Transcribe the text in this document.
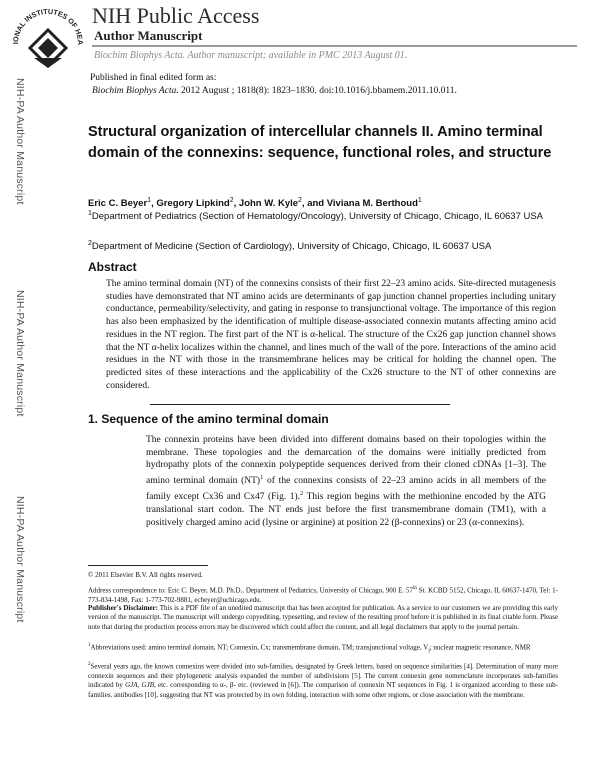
IONAL INSTITUTES OF HEA
NIH Public Access
Author Manuscript
Biochim Biophys Acta. Author manuscript; available in PMC 2013 August 01.
Published in final edited form as:
Biochim Biophys Acta. 2012 August ; 1818(8): 1823–1830. doi:10.1016/j.bbamem.2011.10.011.
NIH-PA Author Manuscript
NIH-PA Author Manuscript
NIH-PA Author Manuscript
Structural organization of intercellular channels II. Amino terminal domain of the connexins: sequence, functional roles, and structure
Eric C. Beyer$^1$, Gregory Lipkind$^2$, John W. Kyle$^2$, and Viviana M. Berthoud$^1$
$^1$Department of Pediatrics (Section of Hematology/Oncology), University of Chicago, Chicago, IL 60637 USA
$^2$Department of Medicine (Section of Cardiology), University of Chicago, Chicago, IL 60637 USA
Abstract
The amino terminal domain (NT) of the connexins consists of their first 22–23 amino acids. Site-directed mutagenesis studies have demonstrated that NT amino acids are determinants of gap junction channel properties including unitary conductance, permeability/selectivity, and gating in response to transjunctional voltage. The importance of this region has also been emphasized by the identification of multiple disease-associated connexin mutants affecting amino acid residues in the NT region. The first part of the NT is α-helical. The structure of the Cx26 gap junction channel shows that the NT α-helix localizes within the channel, and lines much of the wall of the pore. Interactions of the amino acid residues in the NT with those in the transmembrane helices may be critical for holding the channel open. The predicted sites of these interactions and the applicability of the Cx26 structure to the NT of other connexins are considered.
1. Sequence of the amino terminal domain
The connexin proteins have been divided into different domains based on their topologies within the membrane. These topologies and the demarcation of the domains were initially predicted from hydropathy plots of the connexin polypeptide sequences derived from their cloned cDNAs [1–3]. The amino terminal domain (NT)$^1$ of the connexins consists of 22–23 amino acids in all members of the family except Cx36 and Cx47 (Fig. 1).$^2$ This region begins with the methionine encoded by the ATG translational start codon. The NT ends just before the first transmembrane domain (TM1), with a positively charged amino acid (lysine or arginine) at position 22 (β-connexins) or 23 (α-connexins).
© 2011 Elsevier B.V. All rights reserved.
Address correspondence to: Eric C. Beyer, M.D. Ph.D., Department of Pediatrics, University of Chicago, 900 E. 57th St. KCBD 5152, Chicago, IL 60637-1470, Tel: 1-773-834-1498, Fax: 1-773-702-9881, ecbeyer@uchicago.edu.
Publisher's Disclaimer: This is a PDF file of an unedited manuscript that has been accepted for publication. As a service to our customers we are providing this early version of the manuscript. The manuscript will undergo copyediting, typesetting, and review of the resulting proof before it is published in its final citable form. Please note that during the production process errors may be discovered which could affect the content, and all legal disclaimers that apply to the journal pertain.
$^1$Abbreviations used: amino terminal domain, NT; Connexin, Cx; transmembrane domain, TM; transjunctional voltage, $V_j$; nuclear magnetic resonance, NMR
$^2$Several years ago, the known connexins were divided into sub-families, designated by Greek letters, based on sequence similarities [4]. Determination of many more connexin sequences and their phylogenetic analysis expanded the number of subdivisions [5]. The current connexin gene nomenclature incorporates sub-families indicated by GJA, GJB, etc. corresponding to α-, β- etc. (reviewed in [6]). The comparison of connexin NT sequences in Fig. 1 is organized according to these sub-families. antibodies [10], suggesting that NT was protected by its own folding, interaction with some other regions, or close association with the membrane.
